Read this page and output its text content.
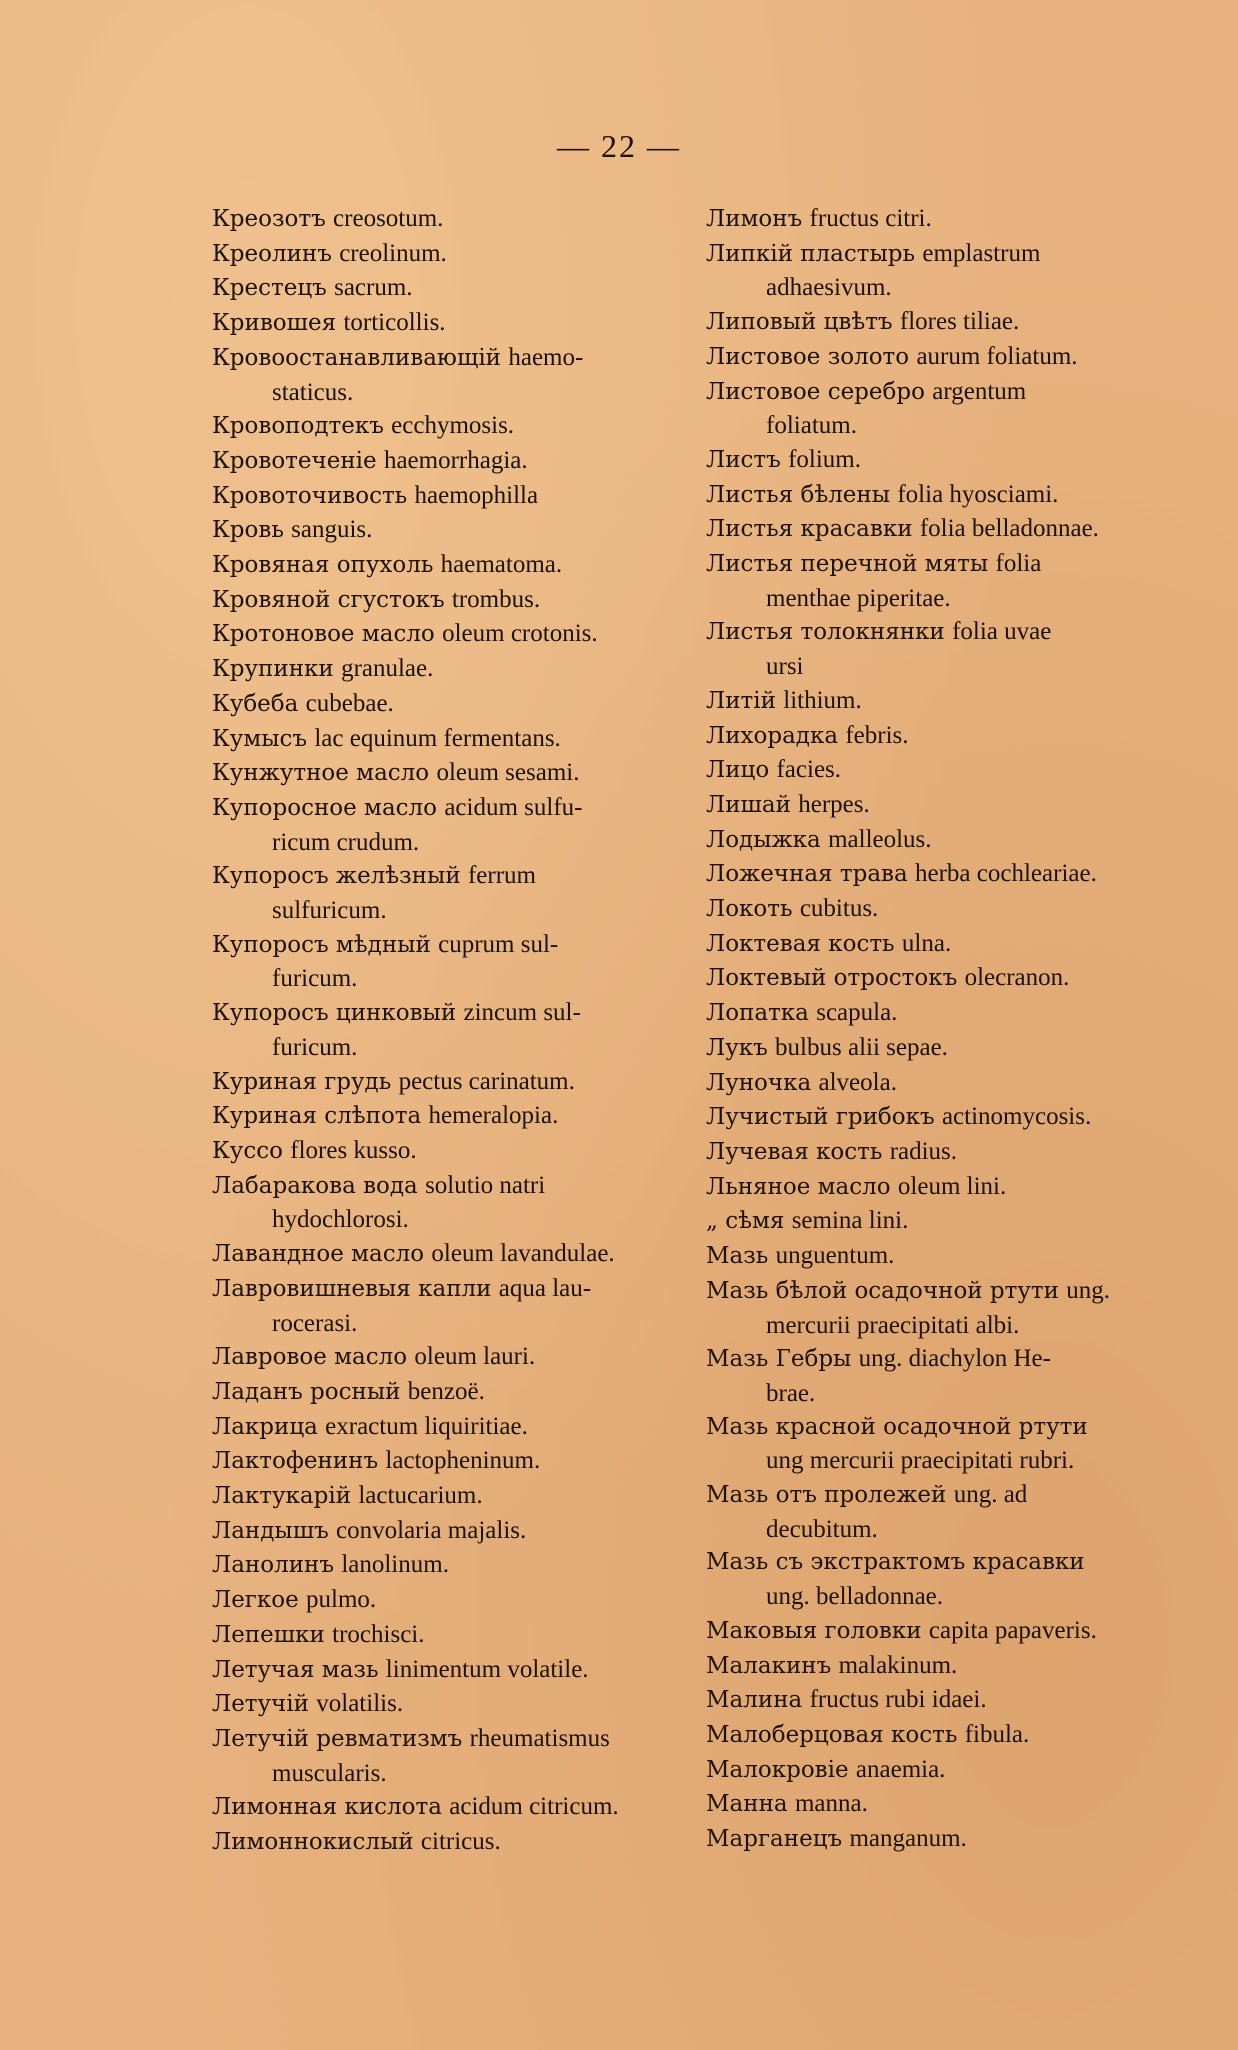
— 22 —
Креозотъ creosotum.
Креолинъ creolinum.
Крестецъ sacrum.
Кривошея torticollis.
Кровоостанавливающій haemo-
staticus.
Кровоподтекъ ecchymosis.
Кровотеченіе haemorrhagia.
Кровоточивость haemophilla
Кровь sanguis.
Кровяная опухоль haematoma.
Кровяной сгустокъ trombus.
Кротоновое масло oleum crotonis.
Крупинки granulae.
Кубеба cubebae.
Кумысъ lac equinum fermentans.
Кунжутное масло oleum sesami.
Купоросное масло acidum sulfu-
ricum crudum.
Купоросъ желѣзный ferrum
sulfuricum.
Купоросъ мѣдный cuprum sul-
furicum.
Купоросъ цинковый zincum sul-
furicum.
Куриная грудь pectus carinatum.
Куриная слѣпота hemeralopia.
Куссо flores kusso.
Лабаракова вода solutio natri
hydochlorosi.
Лавандное масло oleum lavandulae.
Лавровишневыя капли aqua lau-
rocerasi.
Лавровое масло oleum lauri.
Ладанъ росный benzoë.
Лакрица exractum liquiritiae.
Лактофенинъ lactophenіnum.
Лактукарій lactucarium.
Ландышъ convolaria majalis.
Ланолинъ lanolinum.
Легкое pulmo.
Лепешки trochisci.
Летучая мазь linimentum volatile.
Летучій volatilis.
Летучій ревматизмъ rheumatismus
muscularis.
Лимонная кислота acidum citricum.
Лимоннокислый citricus.
Лимонъ fructus citri.
Липкій пластырь emplastrum
adhaesivum.
Липовый цвѣтъ flores tiliae.
Листовое золото aurum foliatum.
Листовое серебро argentum
foliatum.
Листъ folium.
Листья бѣлены folia hyoscіami.
Листья красавки folia belladonnae.
Листья перечной мяты folia
menthae piperitae.
Листья толокнянки folia uvae
ursi
Литій lithium.
Лихорадка febris.
Лицо facies.
Лишай herpes.
Лодыжка malleolus.
Ложечная трава herba cochleariae.
Локоть cubitus.
Локтевая кость ulna.
Локтевый отростокъ olecranon.
Лопатка scapula.
Лукъ bulbus alii sepae.
Луночка alveola.
Лучистый грибокъ actinomycosis.
Лучевая кость radius.
Льняное масло oleum lini.
„ сѣмя semina lini.
Мазь unguentum.
Мазь бѣлой осадочной ртути ung.
mercurii praecipitati albi.
Мазь Гебры ung. diachylon He-
brae.
Мазь красной осадочной ртути
ung mercurii praecipitati rubri.
Мазь отъ пролежей ung. ad
decubitum.
Мазь съ экстрактомъ красавки
ung. belladonnae.
Маковыя головки capita papaveris.
Малакинъ malakinum.
Малина fructus rubi idaei.
Малоберцовая кость fibula.
Малокровіе anaemia.
Манна manna.
Марганецъ manganum.
